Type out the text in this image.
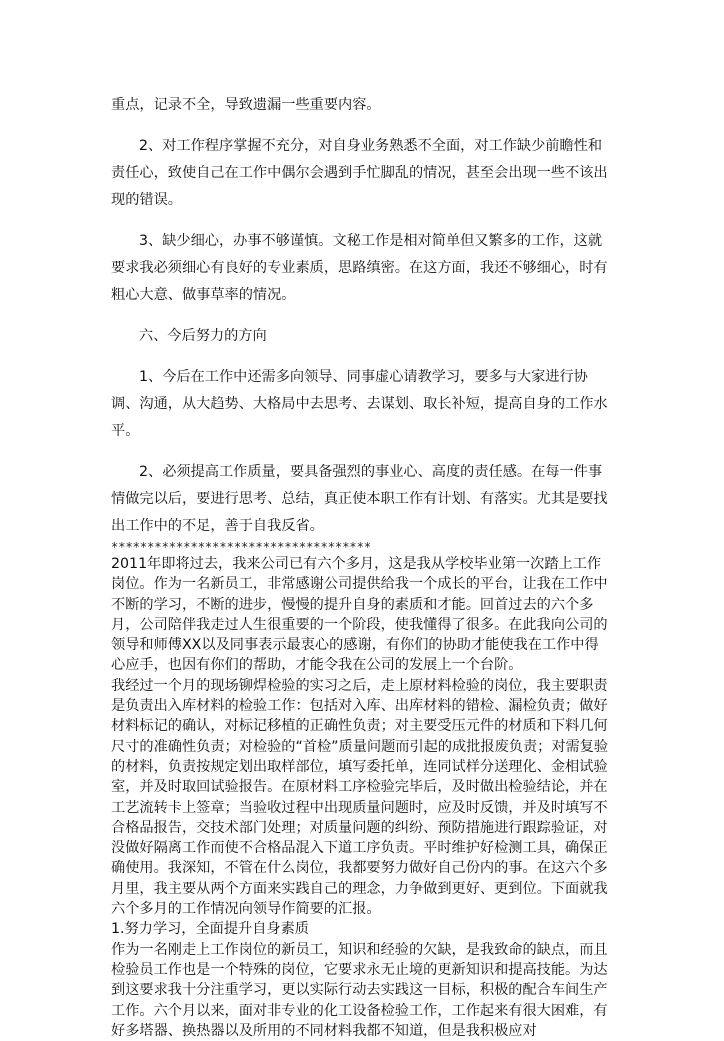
重点，记录不全，导致遗漏一些重要内容。

2、对工作程序掌握不充分，对自身业务熟悉不全面，对工作缺少前瞻性和责任心，致使自己在工作中偶尔会遇到手忙脚乱的情况，甚至会出现一些不该出现的错误。

3、缺少细心，办事不够谨慎。文秘工作是相对简单但又繁多的工作，这就要求我必须细心有良好的专业素质，思路缜密。在这方面，我还不够细心，时有粗心大意、做事草率的情况。

六、今后努力的方向

1、今后在工作中还需多向领导、同事虚心请教学习，要多与大家进行协调、沟通，从大趋势、大格局中去思考、去谋划、取长补短，提高自身的工作水平。

2、必须提高工作质量，要具备强烈的事业心、高度的责任感。在每一件事情做完以后，要进行思考、总结，真正使本职工作有计划、有落实。尤其是要找出工作中的不足，善于自我反省。

************************************

2011年即将过去，我来公司已有六个多月，这是我从学校毕业第一次踏上工作岗位。作为一名新员工，非常感谢公司提供给我一个成长的平台，让我在工作中不断的学习，不断的进步，慢慢的提升自身的素质和才能。回首过去的六个多月，公司陪伴我走过人生很重要的一个阶段，使我懂得了很多。在此我向公司的领导和师傅XX以及同事表示最衷心的感谢，有你们的协助才能使我在工作中得心应手，也因有你们的帮助，才能令我在公司的发展上一个台阶。

我经过一个月的现场铆焊检验的实习之后，走上原材料检验的岗位，我主要职责是负责出入库材料的检验工作：包括对入库、出库材料的错检、漏检负责；做好材料标记的确认，对标记移植的正确性负责；对主要受压元件的材质和下料几何尺寸的准确性负责；对检验的“首检”质量问题而引起的成批报废负责；对需复验的材料，负责按规定划出取样部位，填写委托单，连同试样分送理化、金相试验室，并及时取回试验报告。在原材料工序检验完毕后，及时做出检验结论，并在工艺流转卡上签章；当验收过程中出现质量问题时，应及时反馈，并及时填写不合格品报告，交技术部门处理；对质量问题的纠纷、预防措施进行跟踪验证，对没做好隔离工作而使不合格品混入下道工序负责。平时维护好检测工具，确保正确使用。我深知，不管在什么岗位，我都要努力做好自己份内的事。在这六个多月里，我主要从两个方面来实践自己的理念，力争做到更好、更到位。下面就我六个多月的工作情况向领导作简要的汇报。

1.努力学习，全面提升自身素质

作为一名刚走上工作岗位的新员工，知识和经验的欠缺，是我致命的缺点，而且检验员工作也是一个特殊的岗位，它要求永无止境的更新知识和提高技能。为达到这要求我十分注重学习，更以实际行动去实践这一目标，积极的配合车间生产工作。六个月以来，面对非专业的化工设备检验工作，工作起来有很大困难，有好多塔器、换热器以及所用的不同材料我都不知道，但是我积极应对
